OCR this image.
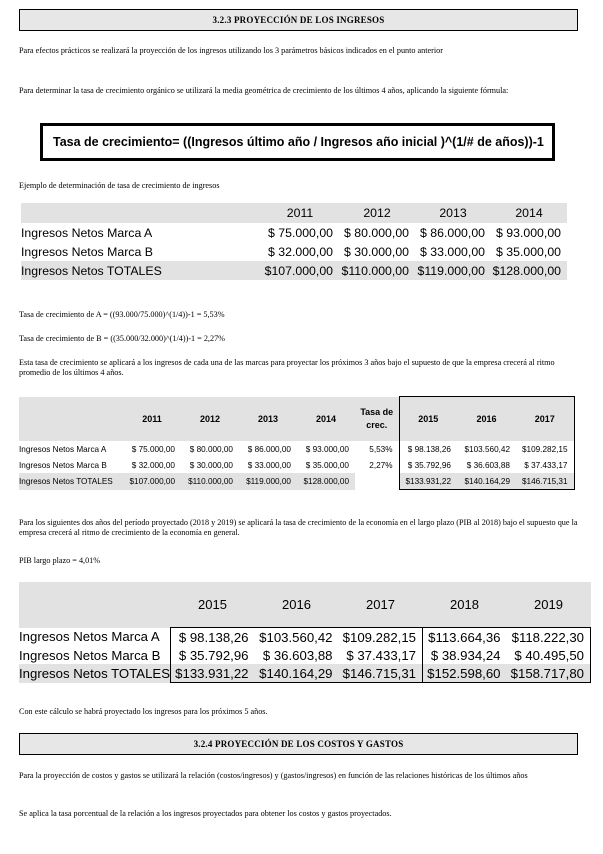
3.2.3 PROYECCIÓN DE LOS INGRESOS
Para efectos prácticos se realizará la proyección de los ingresos utilizando los 3 parámetros básicos indicados en el punto anterior
Para determinar la tasa de crecimiento orgánico se utilizará la media geométrica de crecimiento de los últimos 4 años, aplicando la siguiente fórmula:
Tasa de crecimiento= ((Ingresos último año / Ingresos año inicial )^(1/# de años))-1
Ejemplo de determinación de tasa de crecimiento de ingresos
	2011	2012	2013	2014
Ingresos Netos Marca A	$ 75.000,00	$ 80.000,00	$ 86.000,00	$ 93.000,00
Ingresos Netos Marca B	$ 32.000,00	$ 30.000,00	$ 33.000,00	$ 35.000,00
Ingresos Netos TOTALES	$107.000,00	$110.000,00	$119.000,00	$128.000,00
Tasa de crecimiento de A = ((93.000/75.000)^(1/4))-1 = 5,53%
Tasa de crecimiento de B = ((35.000/32.000)^(1/4))-1 = 2,27%
Esta tasa de crecimiento se aplicará a los ingresos de cada una de las marcas para proyectar los próximos 3 años bajo el supuesto de que la empresa crecerá al ritmo promedio de los últimos 4 años.
	2011	2012	2013	2014	Tasa de crec.	2015	2016	2017
Ingresos Netos Marca A	$ 75.000,00	$ 80.000,00	$ 86.000,00	$ 93.000,00	5,53%	$ 98.138,26	$103.560,42	$109.282,15
Ingresos Netos Marca B	$ 32.000,00	$ 30.000,00	$ 33.000,00	$ 35.000,00	2,27%	$ 35.792,96	$ 36.603,88	$ 37.433,17
Ingresos Netos TOTALES	$107.000,00	$110.000,00	$119.000,00	$128.000,00		$133.931,22	$140.164,29	$146.715,31
Para los siguientes dos años del período proyectado (2018 y 2019) se aplicará la tasa de crecimiento de la economía en el largo plazo (PIB al 2018) bajo el supuesto que la empresa crecerá al ritmo de crecimiento de la economía en general.
PIB largo plazo = 4,01%
	2015	2016	2017	2018	2019
Ingresos Netos Marca A	$ 98.138,26	$103.560,42	$109.282,15	$113.664,36	$118.222,30
Ingresos Netos Marca B	$ 35.792,96	$ 36.603,88	$ 37.433,17	$ 38.934,24	$ 40.495,50
Ingresos Netos TOTALES	$133.931,22	$140.164,29	$146.715,31	$152.598,60	$158.717,80
Con este cálculo se habrá proyectado los ingresos para los próximos 5 años.
3.2.4 PROYECCIÓN DE LOS COSTOS Y GASTOS
Para la proyección de costos y gastos se utilizará la relación (costos/ingresos) y (gastos/ingresos) en función de las relaciones históricas de los últimos años
Se aplica la tasa porcentual de la relación a los ingresos proyectados para obtener los costos y gastos proyectados.
